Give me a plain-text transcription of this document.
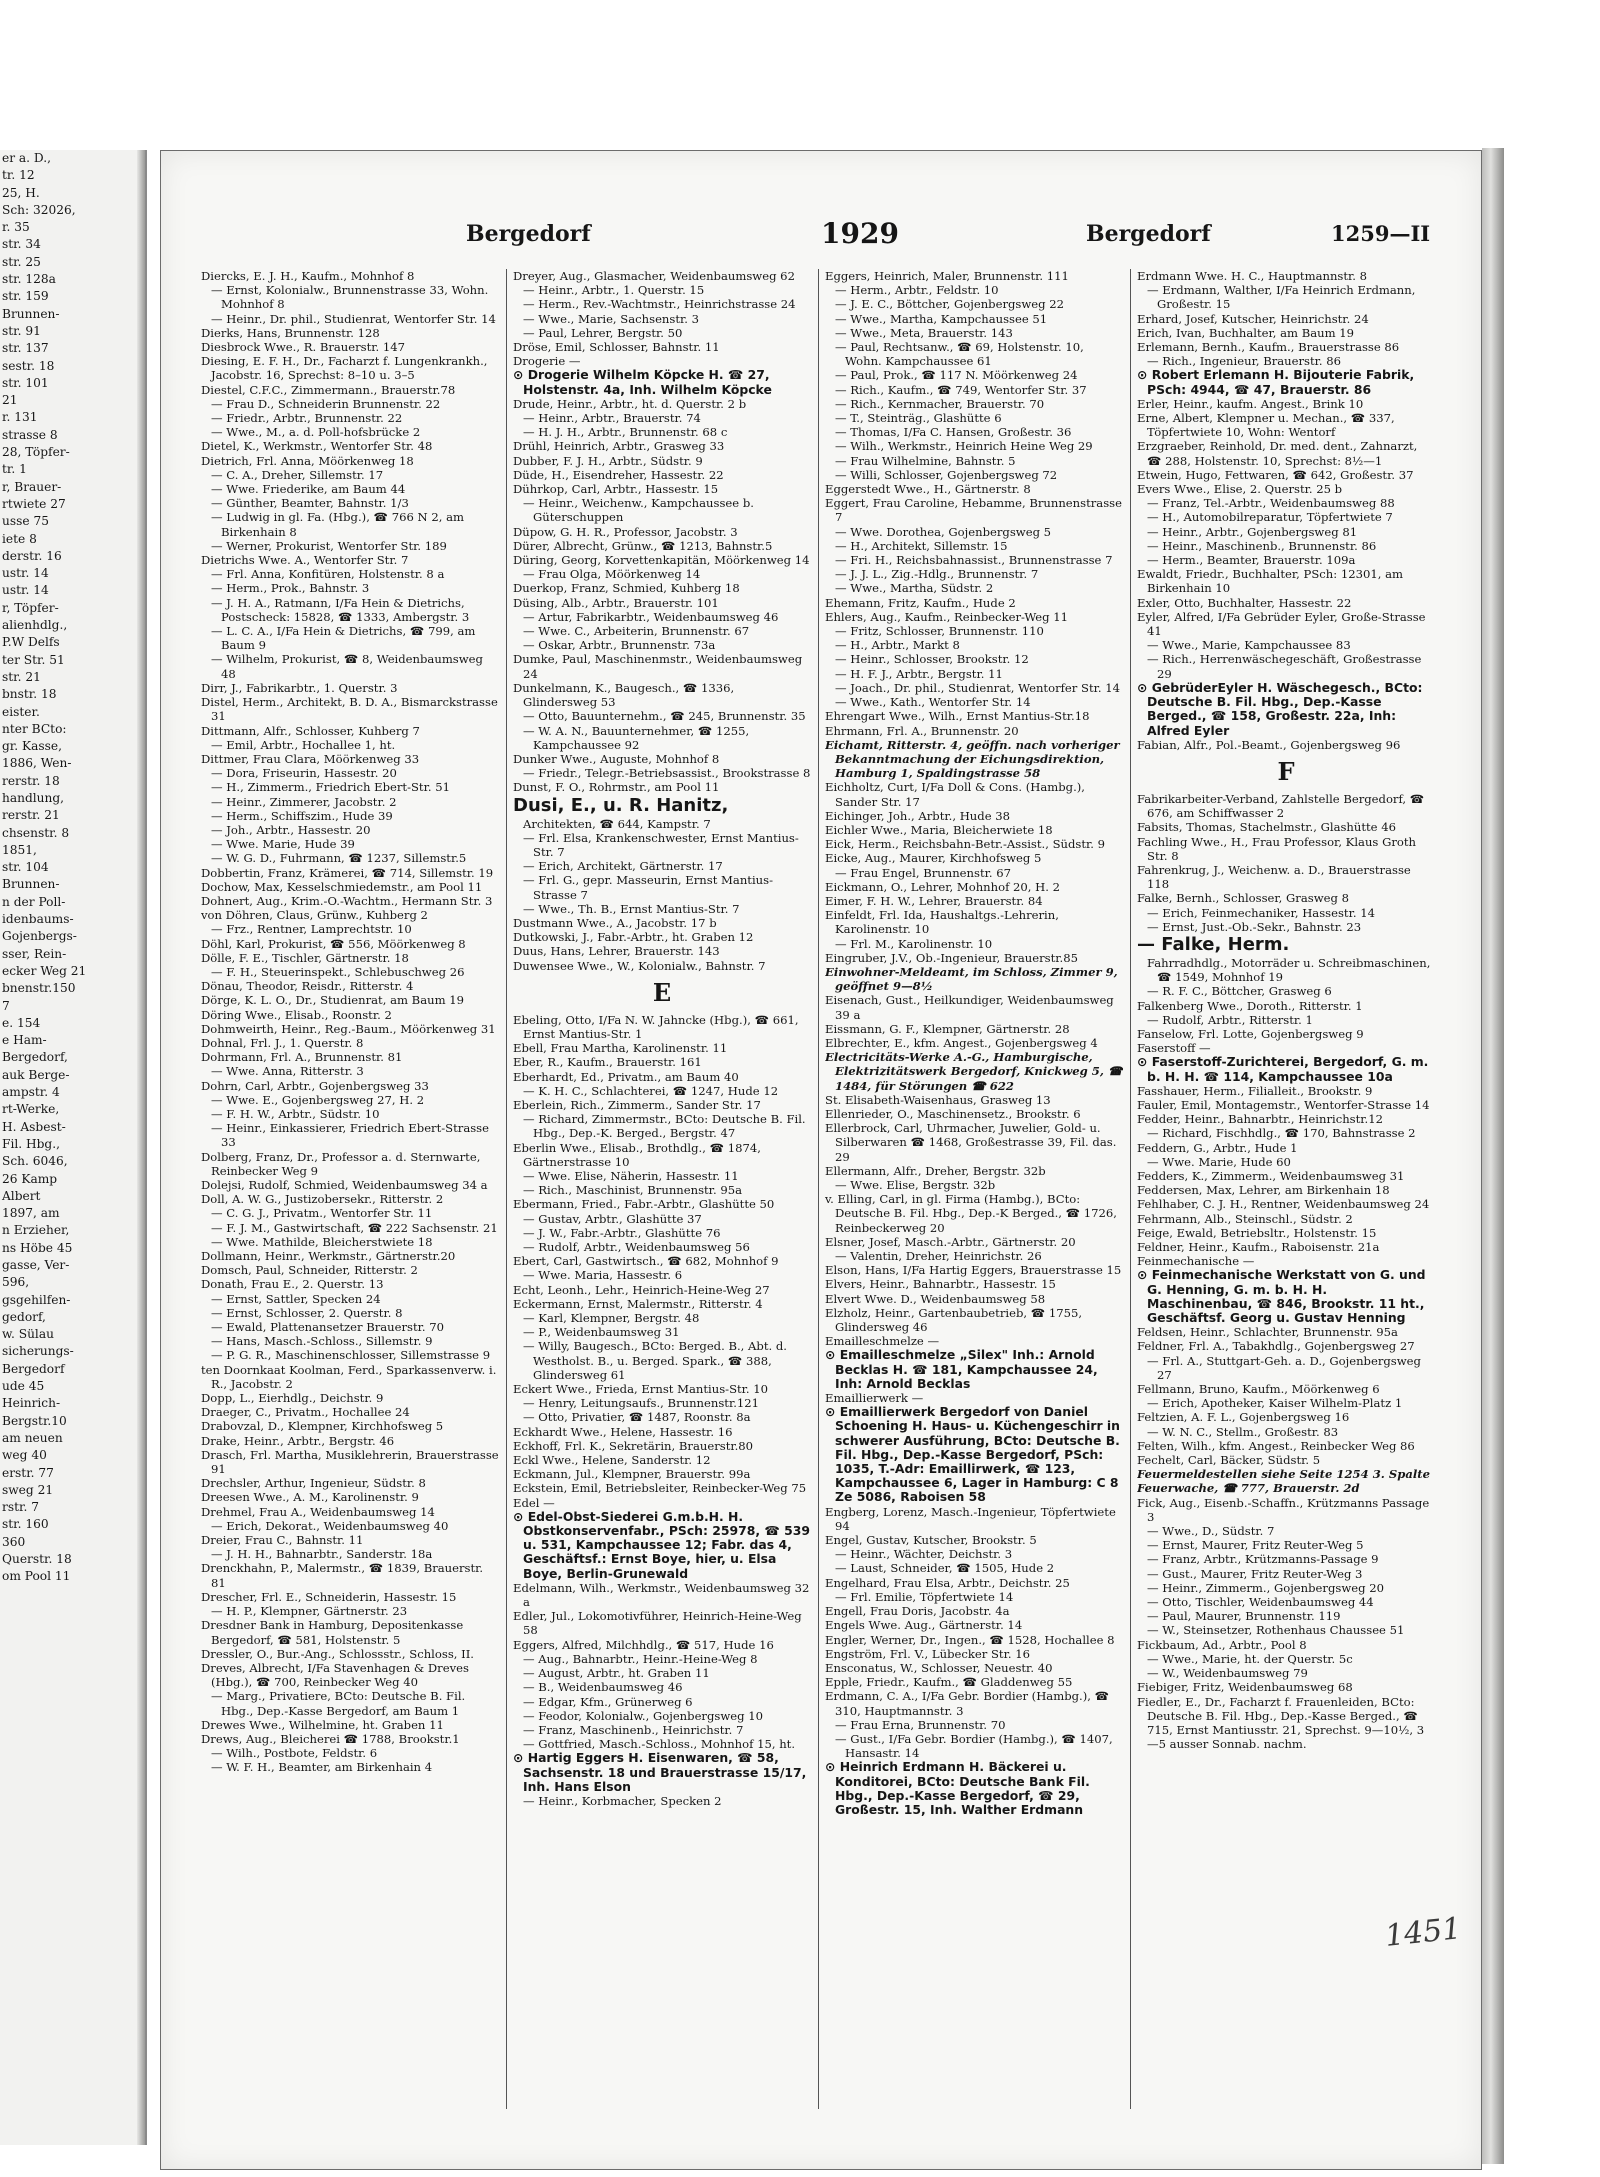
er a. D.,
tr. 12
25, H.
Sch: 32026,
r. 35
str. 34
str. 25
str. 128a
str. 159
Brunnen-
str. 91
str. 137
sestr. 18
str. 101
21
r. 131
strasse 8
28, Töpfer-
tr. 1
r, Brauer-
rtwiete 27
usse 75
iete 8
derstr. 16
ustr. 14
ustr. 14
r, Töpfer-
alienhdlg.,
P.W Delfs
ter Str. 51
str. 21
bnstr. 18
eister.
nter BCto:
gr. Kasse,
1886, Wen-
rerstr. 18
handlung,
rerstr. 21
chsenstr. 8
1851,
str. 104
Brunnen-
n der Poll-
idenbaums-
Gojenbergs-
sser, Rein-
ecker Weg 21
bnenstr.150
7
e. 154
e Ham-
Bergedorf,
auk Berge-
ampstr. 4
rt-Werke,
H. Asbest-
Fil. Hbg.,
Sch. 6046,
26 Kamp
Albert
1897, am
n Erzieher,
ns Höbe 45
gasse, Ver-
596,
gsgehilfen-
gedorf,
w. Sülau
sicherungs-
Bergedorf
ude 45
Heinrich-
Bergstr.10
am neuen
weg 40
erstr. 77
sweg 21
rstr. 7
str. 160
360
Querstr. 18
om Pool 11
Bergedorf	1929	Bergedorf	1259—II

Diercks, E. J. H., Kaufm., Mohnhof 8

— Ernst, Kolonialw., Brunnenstrasse 33, Wohn. Mohnhof 8

— Heinr., Dr. phil., Studienrat, Wentorfer Str. 14

Dierks, Hans, Brunnenstr. 128

Diesbrock Wwe., R. Brauerstr. 147

Diesing, E. F. H., Dr., Facharzt f. Lungenkrankh., Jacobstr. 16, Sprechst: 8–10 u. 3–5

Diestel, C.F.C., Zimmermann., Brauerstr.78

— Frau D., Schneiderin Brunnenstr. 22

— Friedr., Arbtr., Brunnenstr. 22

— Wwe., M., a. d. Poll-hofsbrücke 2

Dietel, K., Werkmstr., Wentorfer Str. 48

Dietrich, Frl. Anna, Möörkenweg 18

— C. A., Dreher, Sillemstr. 17

— Wwe. Friederike, am Baum 44

— Günther, Beamter, Bahnstr. 1/3

— Ludwig in gl. Fa. (Hbg.), ☎ 766 N 2, am Birkenhain 8

— Werner, Prokurist, Wentorfer Str. 189

Dietrichs Wwe. A., Wentorfer Str. 7

— Frl. Anna, Konfitüren, Holstenstr. 8 a

— Herm., Prok., Bahnstr. 3

— J. H. A., Ratmann, I/Fa Hein & Dietrichs, Postscheck: 15828, ☎ 1333, Ambergstr. 3

— L. C. A., I/Fa Hein & Dietrichs, ☎ 799, am Baum 9

— Wilhelm, Prokurist, ☎ 8, Weidenbaumsweg 48

Dirr, J., Fabrikarbtr., 1. Querstr. 3

Distel, Herm., Architekt, B. D. A., Bismarckstrasse 31

Dittmann, Alfr., Schlosser, Kuhberg 7

— Emil, Arbtr., Hochallee 1, ht.

Dittmer, Frau Clara, Möörkenweg 33

— Dora, Friseurin, Hassestr. 20

— H., Zimmerm., Friedrich Ebert-Str. 51

— Heinr., Zimmerer, Jacobstr. 2

— Herm., Schiffszim., Hude 39

— Joh., Arbtr., Hassestr. 20

— Wwe. Marie, Hude 39

— W. G. D., Fuhrmann, ☎ 1237, Sillemstr.5

Dobbertin, Franz, Krämerei, ☎ 714, Sillemstr. 19

Dochow, Max, Kesselschmiedemstr., am Pool 11

Dohnert, Aug., Krim.-O.-Wachtm., Hermann Str. 3

von Döhren, Claus, Grünw., Kuhberg 2

— Frz., Rentner, Lamprechtstr. 10

Döhl, Karl, Prokurist, ☎ 556, Möörkenweg 8

Dölle, F. E., Tischler, Gärtnerstr. 18

— F. H., Steuerinspekt., Schlebuschweg 26

Dönau, Theodor, Reisdr., Ritterstr. 4

Dörge, K. L. O., Dr., Studienrat, am Baum 19

Döring Wwe., Elisab., Roonstr. 2

Dohmweirth, Heinr., Reg.-Baum., Möörkenweg 31

Dohnal, Frl. J., 1. Querstr. 8

Dohrmann, Frl. A., Brunnenstr. 81

— Wwe. Anna, Ritterstr. 3

Dohrn, Carl, Arbtr., Gojenbergsweg 33

— Wwe. E., Gojenbergsweg 27, H. 2

— F. H. W., Arbtr., Südstr. 10

— Heinr., Einkassierer, Friedrich Ebert-Strasse 33

Dolberg, Franz, Dr., Professor a. d. Sternwarte, Reinbecker Weg 9

Dolejsi, Rudolf, Schmied, Weidenbaumsweg 34 a

Doll, A. W. G., Justizobersekr., Ritterstr. 2

— C. G. J., Privatm., Wentorfer Str. 11

— F. J. M., Gastwirtschaft, ☎ 222 Sachsenstr. 21

— Wwe. Mathilde, Bleicherstwiete 18

Dollmann, Heinr., Werkmstr., Gärtnerstr.20

Domsch, Paul, Schneider, Ritterstr. 2

Donath, Frau E., 2. Querstr. 13

— Ernst, Sattler, Specken 24

— Ernst, Schlosser, 2. Querstr. 8

— Ewald, Plattenansetzer Brauerstr. 70

— Hans, Masch.-Schloss., Sillemstr. 9

— P. G. R., Maschinenschlosser, Sillemstrasse 9

ten Doornkaat Koolman, Ferd., Sparkassenverw. i. R., Jacobstr. 2

Dopp, L., Eierhdlg., Deichstr. 9

Draeger, C., Privatm., Hochallee 24

Drabovzal, D., Klempner, Kirchhofsweg 5

Drake, Heinr., Arbtr., Bergstr. 46

Drasch, Frl. Martha, Musiklehrerin, Brauerstrasse 91

Drechsler, Arthur, Ingenieur, Südstr. 8

Dreesen Wwe., A. M., Karolinenstr. 9

Drehmel, Frau A., Weidenbaumsweg 14

— Erich, Dekorat., Weidenbaumsweg 40

Dreier, Frau C., Bahnstr. 11

— J. H. H., Bahnarbtr., Sanderstr. 18a

Drenckhahn, P., Malermstr., ☎ 1839, Brauerstr. 81

Drescher, Frl. E., Schneiderin, Hassestr. 15

— H. P., Klempner, Gärtnerstr. 23

Dresdner Bank in Hamburg, Depositenkasse Bergedorf, ☎ 581, Holstenstr. 5

Dressler, O., Bur.-Ang., Schlossstr., Schloss, II.

Dreves, Albrecht, I/Fa Stavenhagen & Dreves (Hbg.), ☎ 700, Reinbecker Weg 40

— Marg., Privatiere, BCto: Deutsche B. Fil. Hbg., Dep.-Kasse Bergedorf, am Baum 1

Drewes Wwe., Wilhelmine, ht. Graben 11

Drews, Aug., Bleicherei ☎ 1788, Brookstr.1

— Wilh., Postbote, Feldstr. 6

— W. F. H., Beamter, am Birkenhain 4

Dreyer, Aug., Glasmacher, Weidenbaumsweg 62

— Heinr., Arbtr., 1. Querstr. 15

— Herm., Rev.-Wachtmstr., Heinrichstrasse 24

— Wwe., Marie, Sachsenstr. 3

— Paul, Lehrer, Bergstr. 50

Dröse, Emil, Schlosser, Bahnstr. 11

Drogerie —

⊙ Drogerie Wilhelm Köpcke H. ☎ 27, Holstenstr. 4a, Inh. Wilhelm Köpcke

Drude, Heinr., Arbtr., ht. d. Querstr. 2 b

— Heinr., Arbtr., Brauerstr. 74

— H. J. H., Arbtr., Brunnenstr. 68 c

Drühl, Heinrich, Arbtr., Grasweg 33

Dubber, F. J. H., Arbtr., Südstr. 9

Düde, H., Eisendreher, Hassestr. 22

Dührkop, Carl, Arbtr., Hassestr. 15

— Heinr., Weichenw., Kampchaussee b. Güterschuppen

Düpow, G. H. R., Professor, Jacobstr. 3

Dürer, Albrecht, Grünw., ☎ 1213, Bahnstr.5

Düring, Georg, Korvettenkapitän, Möörkenweg 14

— Frau Olga, Möörkenweg 14

Duerkop, Franz, Schmied, Kuhberg 18

Düsing, Alb., Arbtr., Brauerstr. 101

— Artur, Fabrikarbtr., Weidenbaumsweg 46

— Wwe. C., Arbeiterin, Brunnenstr. 67

— Oskar, Arbtr., Brunnenstr. 73a

Dumke, Paul, Maschinenmstr., Weidenbaumsweg 24

Dunkelmann, K., Baugesch., ☎ 1336, Glindersweg 53

— Otto, Bauunternehm., ☎ 245, Brunnenstr. 35

— W. A. N., Bauunternehmer, ☎ 1255, Kampchaussee 92

Dunker Wwe., Auguste, Mohnhof 8

— Friedr., Telegr.-Betriebsassist., Brookstrasse 8

Dunst, F. O., Rohrmstr., am Pool 11

Dusi, E., u. R. Hanitz,

Architekten, ☎ 644, Kampstr. 7

— Frl. Elsa, Krankenschwester, Ernst Mantius-Str. 7

— Erich, Architekt, Gärtnerstr. 17

— Frl. G., gepr. Masseurin, Ernst Mantius-Strasse 7

— Wwe., Th. B., Ernst Mantius-Str. 7

Dustmann Wwe., A., Jacobstr. 17 b

Dutkowski, J., Fabr.-Arbtr., ht. Graben 12

Duus, Hans, Lehrer, Brauerstr. 143

Duwensee Wwe., W., Kolonialw., Bahnstr. 7

E

Ebeling, Otto, I/Fa N. W. Jahncke (Hbg.), ☎ 661, Ernst Mantius-Str. 1

Ebell, Frau Martha, Karolinenstr. 11

Eber, R., Kaufm., Brauerstr. 161

Eberhardt, Ed., Privatm., am Baum 40

— K. H. C., Schlachterei, ☎ 1247, Hude 12

Eberlein, Rich., Zimmerm., Sander Str. 17

— Richard, Zimmermstr., BCto: Deutsche B. Fil. Hbg., Dep.-K. Berged., Bergstr. 47

Eberlin Wwe., Elisab., Brothdlg., ☎ 1874, Gärtnerstrasse 10

— Wwe. Elise, Näherin, Hassestr. 11

— Rich., Maschinist, Brunnenstr. 95a

Ebermann, Fried., Fabr.-Arbtr., Glashütte 50

— Gustav, Arbtr., Glashütte 37

— J. W., Fabr.-Arbtr., Glashütte 76

— Rudolf, Arbtr., Weidenbaumsweg 56

Ebert, Carl, Gastwirtsch., ☎ 682, Mohnhof 9

— Wwe. Maria, Hassestr. 6

Echt, Leonh., Lehr., Heinrich-Heine-Weg 27

Eckermann, Ernst, Malermstr., Ritterstr. 4

— Karl, Klempner, Bergstr. 48

— P., Weidenbaumsweg 31

— Willy, Baugesch., BCto: Berged. B., Abt. d. Westholst. B., u. Berged. Spark., ☎ 388, Glindersweg 61

Eckert Wwe., Frieda, Ernst Mantius-Str. 10

— Henry, Leitungsaufs., Brunnenstr.121

— Otto, Privatier, ☎ 1487, Roonstr. 8a

Eckhardt Wwe., Helene, Hassestr. 16

Eckhoff, Frl. K., Sekretärin, Brauerstr.80

Eckl Wwe., Helene, Sanderstr. 12

Eckmann, Jul., Klempner, Brauerstr. 99a

Eckstein, Emil, Betriebsleiter, Reinbecker-Weg 75

Edel —

⊙ Edel-Obst-Siederei G.m.b.H. H. Obstkonservenfabr., PSch: 25978, ☎ 539 u. 531, Kampchaussee 12; Fabr. das 4, Geschäftsf.: Ernst Boye, hier, u. Elsa Boye, Berlin-Grunewald

Edelmann, Wilh., Werkmstr., Weidenbaumsweg 32 a

Edler, Jul., Lokomotivführer, Heinrich-Heine-Weg 58

Eggers, Alfred, Milchhdlg., ☎ 517, Hude 16

— Aug., Bahnarbtr., Heinr.-Heine-Weg 8

— August, Arbtr., ht. Graben 11

— B., Weidenbaumsweg 46

— Edgar, Kfm., Grünerweg 6

— Feodor, Kolonialw., Gojenbergsweg 10

— Franz, Maschinenb., Heinrichstr. 7

— Gottfried, Masch.-Schloss., Mohnhof 15, ht.

⊙ Hartig Eggers H. Eisenwaren, ☎ 58, Sachsenstr. 18 und Brauerstrasse 15/17, Inh. Hans Elson

— Heinr., Korbmacher, Specken 2

Eggers, Heinrich, Maler, Brunnenstr. 111

— Herm., Arbtr., Feldstr. 10

— J. E. C., Böttcher, Gojenbergsweg 22

— Wwe., Martha, Kampchaussee 51

— Wwe., Meta, Brauerstr. 143

— Paul, Rechtsanw., ☎ 69, Holstenstr. 10, Wohn. Kampchaussee 61

— Paul, Prok., ☎ 117 N. Möörkenweg 24

— Rich., Kaufm., ☎ 749, Wentorfer Str. 37

— Rich., Kernmacher, Brauerstr. 70

— T., Steinträg., Glashütte 6

— Thomas, I/Fa C. Hansen, Großestr. 36

— Wilh., Werkmstr., Heinrich Heine Weg 29

— Frau Wilhelmine, Bahnstr. 5

— Willi, Schlosser, Gojenbergsweg 72

Eggerstedt Wwe., H., Gärtnerstr. 8

Eggert, Frau Caroline, Hebamme, Brunnenstrasse 7

— Wwe. Dorothea, Gojenbergsweg 5

— H., Architekt, Sillemstr. 15

— Fri. H., Reichsbahnassist., Brunnenstrasse 7

— J. J. L., Zig.-Hdlg., Brunnenstr. 7

— Wwe., Martha, Südstr. 2

Ehemann, Fritz, Kaufm., Hude 2

Ehlers, Aug., Kaufm., Reinbecker-Weg 11

— Fritz, Schlosser, Brunnenstr. 110

— H., Arbtr., Markt 8

— Heinr., Schlosser, Brookstr. 12

— H. F. J., Arbtr., Bergstr. 11

— Joach., Dr. phil., Studienrat, Wentorfer Str. 14

— Wwe., Kath., Wentorfer Str. 14

Ehrengart Wwe., Wilh., Ernst Mantius-Str.18

Ehrmann, Frl. A., Brunnenstr. 20

Eichamt, Ritterstr. 4, geöffn. nach vorheriger Bekanntmachung der Eichungsdirektion, Hamburg 1, Spaldingstrasse 58

Eichholtz, Curt, I/Fa Doll & Cons. (Hambg.), Sander Str. 17

Eichinger, Joh., Arbtr., Hude 38

Eichler Wwe., Maria, Bleicherwiete 18

Eick, Herm., Reichsbahn-Betr.-Assist., Südstr. 9

Eicke, Aug., Maurer, Kirchhofsweg 5

— Frau Engel, Brunnenstr. 67

Eickmann, O., Lehrer, Mohnhof 20, H. 2

Eimer, F. H. W., Lehrer, Brauerstr. 84

Einfeldt, Frl. Ida, Haushaltgs.-Lehrerin, Karolinenstr. 10

— Frl. M., Karolinenstr. 10

Eingruber, J.V., Ob.-Ingenieur, Brauerstr.85

Einwohner-Meldeamt, im Schloss, Zimmer 9, geöffnet 9—8½

Eisenach, Gust., Heilkundiger, Weidenbaumsweg 39 a

Eissmann, G. F., Klempner, Gärtnerstr. 28

Elbrechter, E., kfm. Angest., Gojenbergsweg 4

Electricitäts-Werke A.-G., Hamburgische, Elektrizitätswerk Bergedorf, Knickweg 5, ☎ 1484, für Störungen ☎ 622

St. Elisabeth-Waisenhaus, Grasweg 13

Ellenrieder, O., Maschinensetz., Brookstr. 6

Ellerbrock, Carl, Uhrmacher, Juwelier, Gold- u. Silberwaren ☎ 1468, Großestrasse 39, Fil. das. 29

Ellermann, Alfr., Dreher, Bergstr. 32b

— Wwe. Elise, Bergstr. 32b

v. Elling, Carl, in gl. Firma (Hambg.), BCto: Deutsche B. Fil. Hbg., Dep.-K Berged., ☎ 1726, Reinbeckerweg 20

Elsner, Josef, Masch.-Arbtr., Gärtnerstr. 20

— Valentin, Dreher, Heinrichstr. 26

Elson, Hans, I/Fa Hartig Eggers, Brauerstrasse 15

Elvers, Heinr., Bahnarbtr., Hassestr. 15

Elvert Wwe. D., Weidenbaumsweg 58

Elzholz, Heinr., Gartenbaubetrieb, ☎ 1755, Glindersweg 46

Emailleschmelze —

⊙ Emailleschmelze „Silex" Inh.: Arnold Becklas H. ☎ 181, Kampchaussee 24, Inh: Arnold Becklas

Emaillierwerk —

⊙ Emaillierwerk Bergedorf von Daniel Schoening H. Haus- u. Küchengeschirr in schwerer Ausführung, BCto: Deutsche B. Fil. Hbg., Dep.-Kasse Bergedorf, PSch: 1035, T.-Adr: Emaillirwerk, ☎ 123, Kampchaussee 6, Lager in Hamburg: C 8 Ze 5086, Raboisen 58

Engberg, Lorenz, Masch.-Ingenieur, Töpfertwiete 94

Engel, Gustav, Kutscher, Brookstr. 5

— Heinr., Wächter, Deichstr. 3

— Laust, Schneider, ☎ 1505, Hude 2

Engelhard, Frau Elsa, Arbtr., Deichstr. 25

— Frl. Emilie, Töpfertwiete 14

Engell, Frau Doris, Jacobstr. 4a

Engels Wwe. Aug., Gärtnerstr. 14

Engler, Werner, Dr., Ingen., ☎ 1528, Hochallee 8

Engström, Frl. V., Lübecker Str. 16

Ensconatus, W., Schlosser, Neuestr. 40

Epple, Friedr., Kaufm., ☎ Gladdenweg 55

Erdmann, C. A., I/Fa Gebr. Bordier (Hambg.), ☎ 310, Hauptmannstr. 3

— Frau Erna, Brunnenstr. 70

— Gust., I/Fa Gebr. Bordier (Hambg.), ☎ 1407, Hansastr. 14

⊙ Heinrich Erdmann H. Bäckerei u. Konditorei, BCto: Deutsche Bank Fil. Hbg., Dep.-Kasse Bergedorf, ☎ 29, Großestr. 15, Inh. Walther Erdmann

Erdmann Wwe. H. C., Hauptmannstr. 8

— Erdmann, Walther, I/Fa Heinrich Erdmann, Großestr. 15

Erhard, Josef, Kutscher, Heinrichstr. 24

Erich, Ivan, Buchhalter, am Baum 19

Erlemann, Bernh., Kaufm., Brauerstrasse 86

— Rich., Ingenieur, Brauerstr. 86

⊙ Robert Erlemann H. Bijouterie Fabrik, PSch: 4944, ☎ 47, Brauerstr. 86

Erler, Heinr., kaufm. Angest., Brink 10

Erne, Albert, Klempner u. Mechan., ☎ 337, Töpfertwiete 10, Wohn: Wentorf

Erzgraeber, Reinhold, Dr. med. dent., Zahnarzt, ☎ 288, Holstenstr. 10, Sprechst: 8½—1

Etwein, Hugo, Fettwaren, ☎ 642, Großestr. 37

Evers Wwe., Elise, 2. Querstr. 25 b

— Franz, Tel.-Arbtr., Weidenbaumsweg 88

— H., Automobilreparatur, Töpfertwiete 7

— Heinr., Arbtr., Gojenbergsweg 81

— Heinr., Maschinenb., Brunnenstr. 86

— Herm., Beamter, Brauerstr. 109a

Ewaldt, Friedr., Buchhalter, PSch: 12301, am Birkenhain 10

Exler, Otto, Buchhalter, Hassestr. 22

Eyler, Alfred, I/Fa Gebrüder Eyler, Große-Strasse 41

— Wwe., Marie, Kampchaussee 83

— Rich., Herrenwäschegeschäft, Großestrasse 29

⊙ GebrüderEyler H. Wäschegesch., BCto: Deutsche B. Fil. Hbg., Dep.-Kasse Berged., ☎ 158, Großestr. 22a, Inh: Alfred Eyler

Fabian, Alfr., Pol.-Beamt., Gojenbergsweg 96

F

Fabrikarbeiter-Verband, Zahlstelle Bergedorf, ☎ 676, am Schiffwasser 2

Fabsits, Thomas, Stachelmstr., Glashütte 46

Fachling Wwe., H., Frau Professor, Klaus Groth Str. 8

Fahrenkrug, J., Weichenw. a. D., Brauerstrasse 118

Falke, Bernh., Schlosser, Grasweg 8

— Erich, Feinmechaniker, Hassestr. 14

— Ernst, Just.-Ob.-Sekr., Bahnstr. 23

— Falke, Herm.

Fahrradhdlg., Motorräder u. Schreibmaschinen, ☎ 1549, Mohnhof 19

— R. F. C., Böttcher, Grasweg 6

Falkenberg Wwe., Doroth., Ritterstr. 1

— Rudolf, Arbtr., Ritterstr. 1

Fanselow, Frl. Lotte, Gojenbergsweg 9

Faserstoff —

⊙ Faserstoff-Zurichterei, Bergedorf, G. m. b. H. H. ☎ 114, Kampchaussee 10a

Fasshauer, Herm., Filialleit., Brookstr. 9

Fauler, Emil, Montagemstr., Wentorfer-Strasse 14

Fedder, Heinr., Bahnarbtr., Heinrichstr.12

— Richard, Fischhdlg., ☎ 170, Bahnstrasse 2

Feddern, G., Arbtr., Hude 1

— Wwe. Marie, Hude 60

Fedders, K., Zimmerm., Weidenbaumsweg 31

Feddersen, Max, Lehrer, am Birkenhain 18

Fehlhaber, C. J. H., Rentner, Weidenbaumsweg 24

Fehrmann, Alb., Steinschl., Südstr. 2

Feige, Ewald, Betriebsltr., Holstenstr. 15

Feldner, Heinr., Kaufm., Raboisenstr. 21a

Feinmechanische —

⊙ Feinmechanische Werkstatt von G. und G. Henning, G. m. b. H. H. Maschinenbau, ☎ 846, Brookstr. 11 ht., Geschäftsf. Georg u. Gustav Henning

Feldsen, Heinr., Schlachter, Brunnenstr. 95a

Feldner, Frl. A., Tabakhdlg., Gojenbergsweg 27

— Frl. A., Stuttgart-Geh. a. D., Gojenbergsweg 27

Fellmann, Bruno, Kaufm., Möörkenweg 6

— Erich, Apotheker, Kaiser Wilhelm-Platz 1

Feltzien, A. F. L., Gojenbergsweg 16

— W. N. C., Stellm., Großestr. 83

Felten, Wilh., kfm. Angest., Reinbecker Weg 86

Fechelt, Carl, Bäcker, Südstr. 5

Feuermeldestellen siehe Seite 1254 3. Spalte

Feuerwache, ☎ 777, Brauerstr. 2d

Fick, Aug., Eisenb.-Schaffn., Krützmanns Passage 3

— Wwe., D., Südstr. 7

— Ernst, Maurer, Fritz Reuter-Weg 5

— Franz, Arbtr., Krützmanns-Passage 9

— Gust., Maurer, Fritz Reuter-Weg 3

— Heinr., Zimmerm., Gojenbergsweg 20

— Otto, Tischler, Weidenbaumsweg 44

— Paul, Maurer, Brunnenstr. 119

— W., Steinsetzer, Rothenhaus Chaussee 51

Fickbaum, Ad., Arbtr., Pool 8

— Wwe., Marie, ht. der Querstr. 5c

— W., Weidenbaumsweg 79

Fiebiger, Fritz, Weidenbaumsweg 68

Fiedler, E., Dr., Facharzt f. Frauenleiden, BCto: Deutsche B. Fil. Hbg., Dep.-Kasse Berged., ☎ 715, Ernst Mantiusstr. 21, Sprechst. 9—10½, 3—5 ausser Sonnab. nachm.

1451
